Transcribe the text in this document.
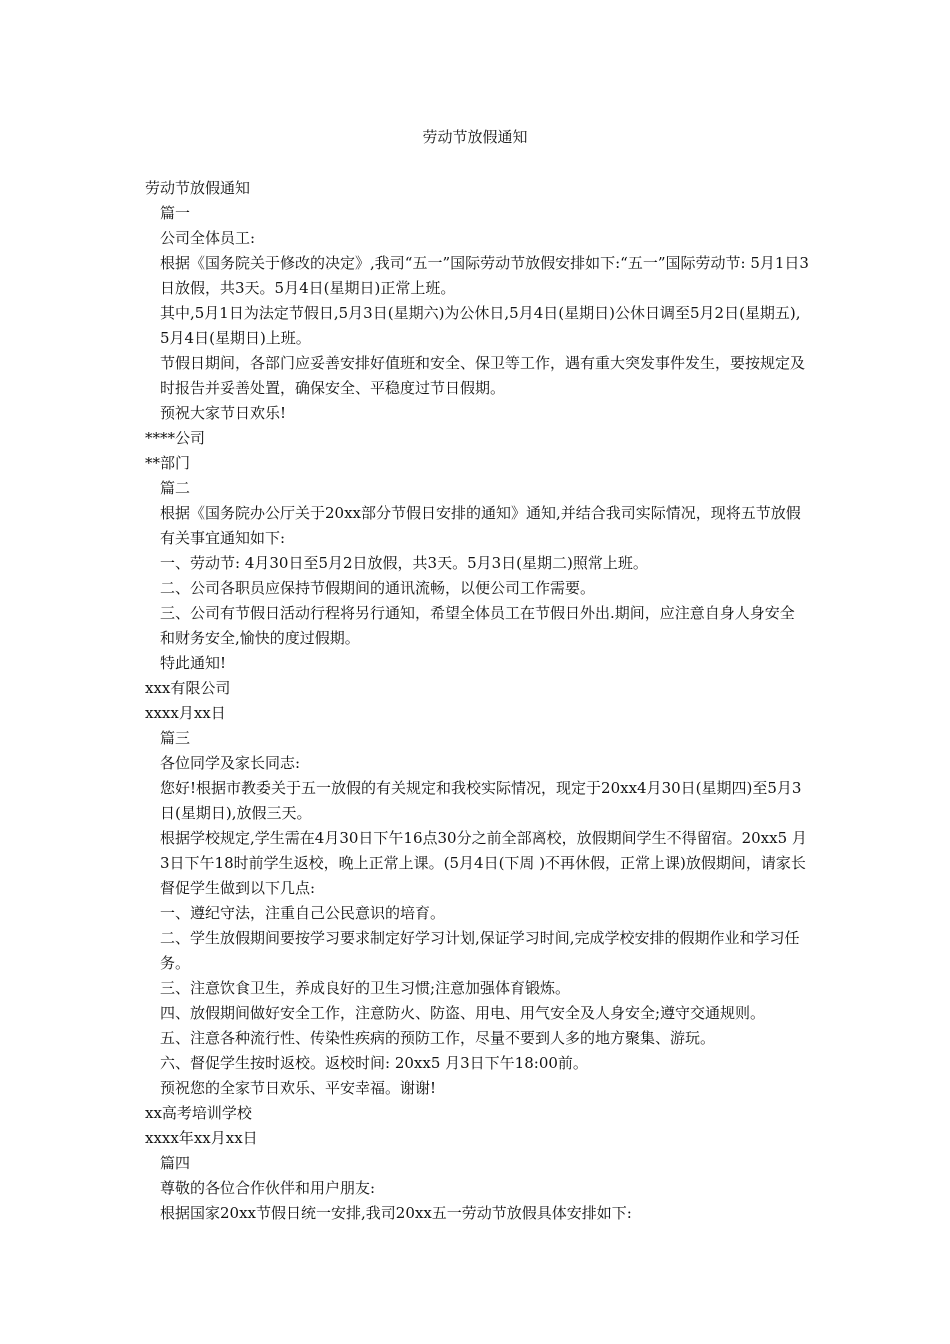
劳动节放假通知

劳动节放假通知

篇一

公司全体员工:

根据《国务院关于修改的决定》,我司“五一”国际劳动节放假安排如下:“五一”国际劳动节: 5月1日3日放假，共3天。5月4日(星期日)正常上班。

其中,5月1日为法定节假日,5月3日(星期六)为公休日,5月4日(星期日)公休日调至5月2日(星期五), 5月4日(星期日)上班。

节假日期间，各部门应妥善安排好值班和安全、保卫等工作，遇有重大突发事件发生，要按规定及时报告并妥善处置，确保安全、平稳度过节日假期。

预祝大家节日欢乐!

****公司

**部门

篇二

根据《国务院办公厅关于20xx部分节假日安排的通知》通知,并结合我司实际情况，现将五节放假有关事宜通知如下:

一、劳动节: 4月30日至5月2日放假，共3天。5月3日(星期二)照常上班。

二、公司各职员应保持节假期间的通讯流畅，以便公司工作需要。

三、公司有节假日活动行程将另行通知，希望全体员工在节假日外出.期间，应注意自身人身安全和财务安全,愉快的度过假期。

特此通知!

xxx有限公司

xxxx月xx日

篇三

各位同学及家长同志:

您好!根据市教委关于五一放假的有关规定和我校实际情况，现定于20xx4月30日(星期四)至5月3日(星期日),放假三天。

根据学校规定,学生需在4月30日下午16点30分之前全部离校，放假期间学生不得留宿。20xx5 月3日下午18时前学生返校，晚上正常上课。(5月4日(下周 )不再休假，正常上课)放假期间，请家长督促学生做到以下几点:

一、遵纪守法，注重自己公民意识的培育。

二、学生放假期间要按学习要求制定好学习计划,保证学习时间,完成学校安排的假期作业和学习任务。

三、注意饮食卫生，养成良好的卫生习惯;注意加强体育锻炼。

四、放假期间做好安全工作，注意防火、防盗、用电、用气安全及人身安全;遵守交通规则。

五、注意各种流行性、传染性疾病的预防工作，尽量不要到人多的地方聚集、游玩。

六、督促学生按时返校。返校时间: 20xx5 月3日下午18:00前。

预祝您的全家节日欢乐、平安幸福。谢谢!

xx高考培训学校

xxxx年xx月xx日

篇四

尊敬的各位合作伙伴和用户朋友:

根据国家20xx节假日统一安排,我司20xx五一劳动节放假具体安排如下:
